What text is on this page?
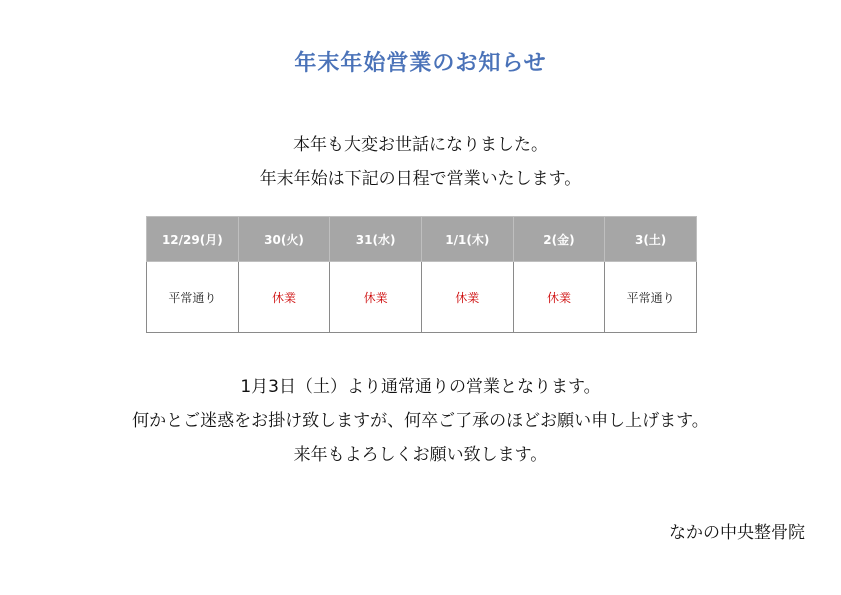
年末年始営業のお知らせ
本年も大変お世話になりました。
年末年始は下記の日程で営業いたします。
12/29(月)	30(火)	31(水)	1/1(木)	2(金)	3(土)
平常通り	休業	休業	休業	休業	平常通り
1月3日（土）より通常通りの営業となります。
何かとご迷惑をお掛け致しますが、何卒ご了承のほどお願い申し上げます。
来年もよろしくお願い致します。
なかの中央整骨院
